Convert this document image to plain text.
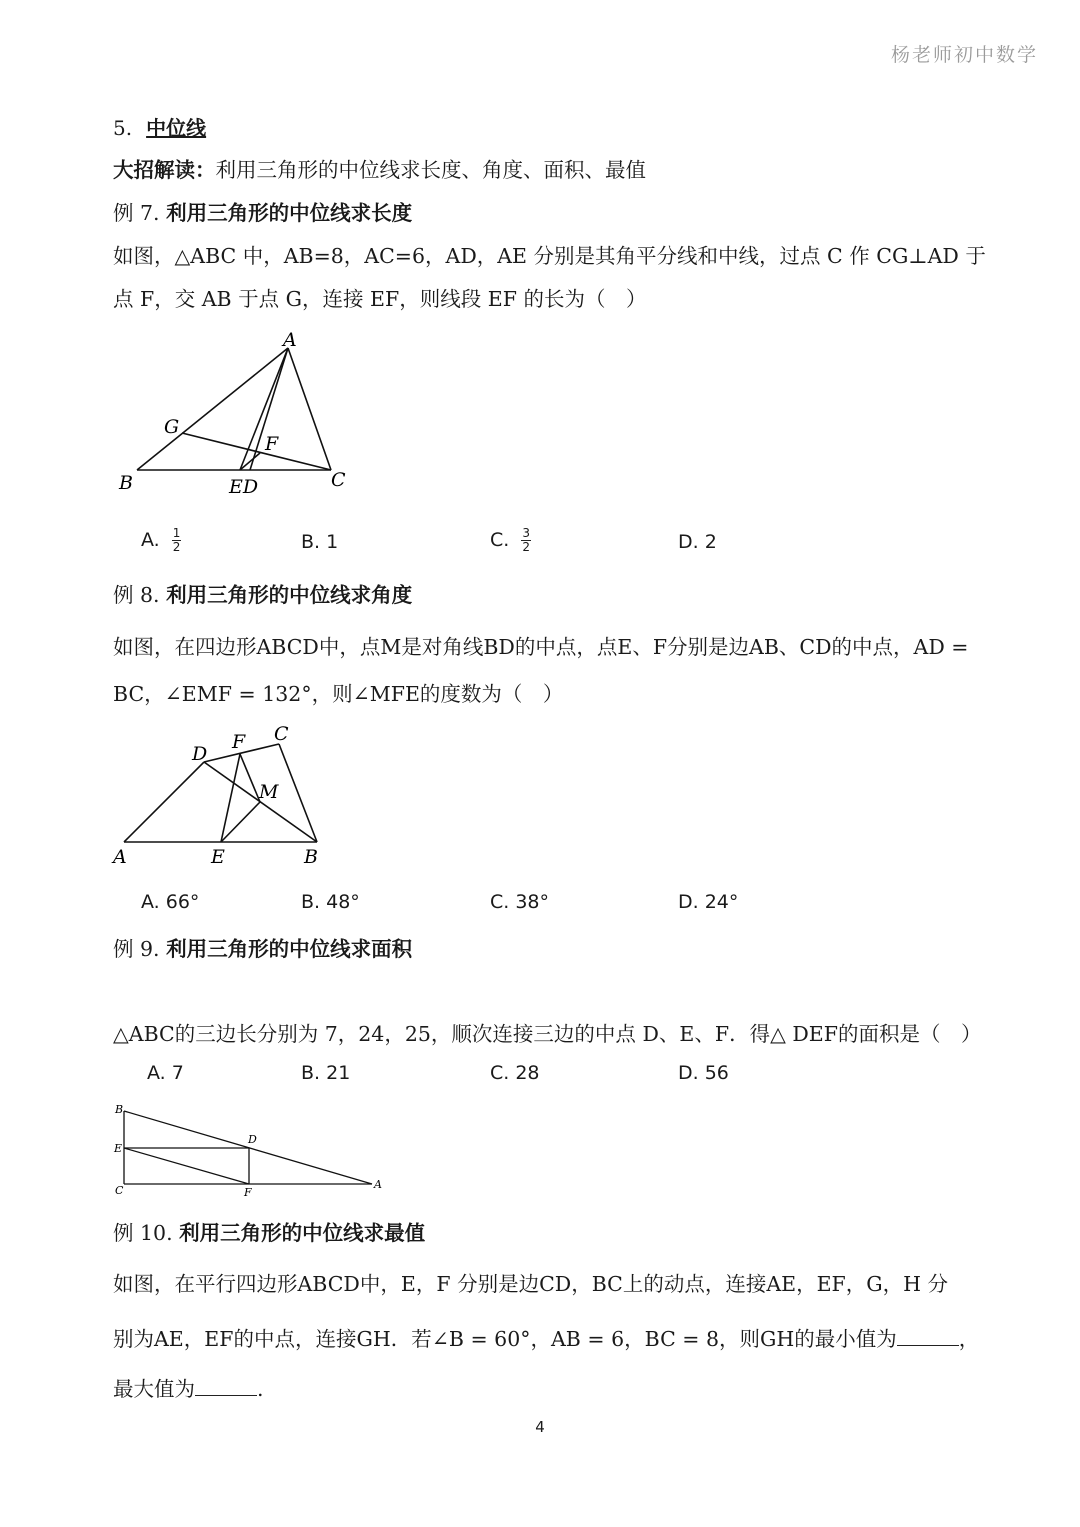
杨老师初中数学
5. 中位线
大招解读：利用三角形的中位线求长度、角度、面积、最值
例 7. 利用三角形的中位线求长度
如图，△ABC 中，AB=8，AC=6，AD，AE 分别是其角平分线和中线，过点 C 作 CG⊥AD 于
点 F，交 AB 于点 G，连接 EF，则线段 EF 的长为（　）
A
B	C
G
F
ED
A. $\frac{1}{2}$	B. 1	C. $\frac{3}{2}$	D. 2
例 8. 利用三角形的中位线求角度
如图，在四边形ABCD中，点M是对角线BD的中点，点E、F分别是边AB、CD的中点，AD =
BC，∠EMF = 132°，则∠MFE的度数为（　）
A	B
C
D
E
F
M
A. 66°	B. 48°	C. 38°	D. 24°
例 9. 利用三角形的中位线求面积
△ABC的三边长分别为 7，24，25，顺次连接三边的中点 D、E、F．得△ DEF的面积是（　）
A. 7	B. 21	C. 28	D. 56
B
E
C
D
F
A
例 10. 利用三角形的中位线求最值
如图，在平行四边形ABCD中，E，F 分别是边CD，BC上的动点，连接AE，EF，G，H 分
别为AE，EF的中点，连接GH．若∠B = 60°，AB = 6，BC = 8，则GH的最小值为	，
最大值为	.
4
